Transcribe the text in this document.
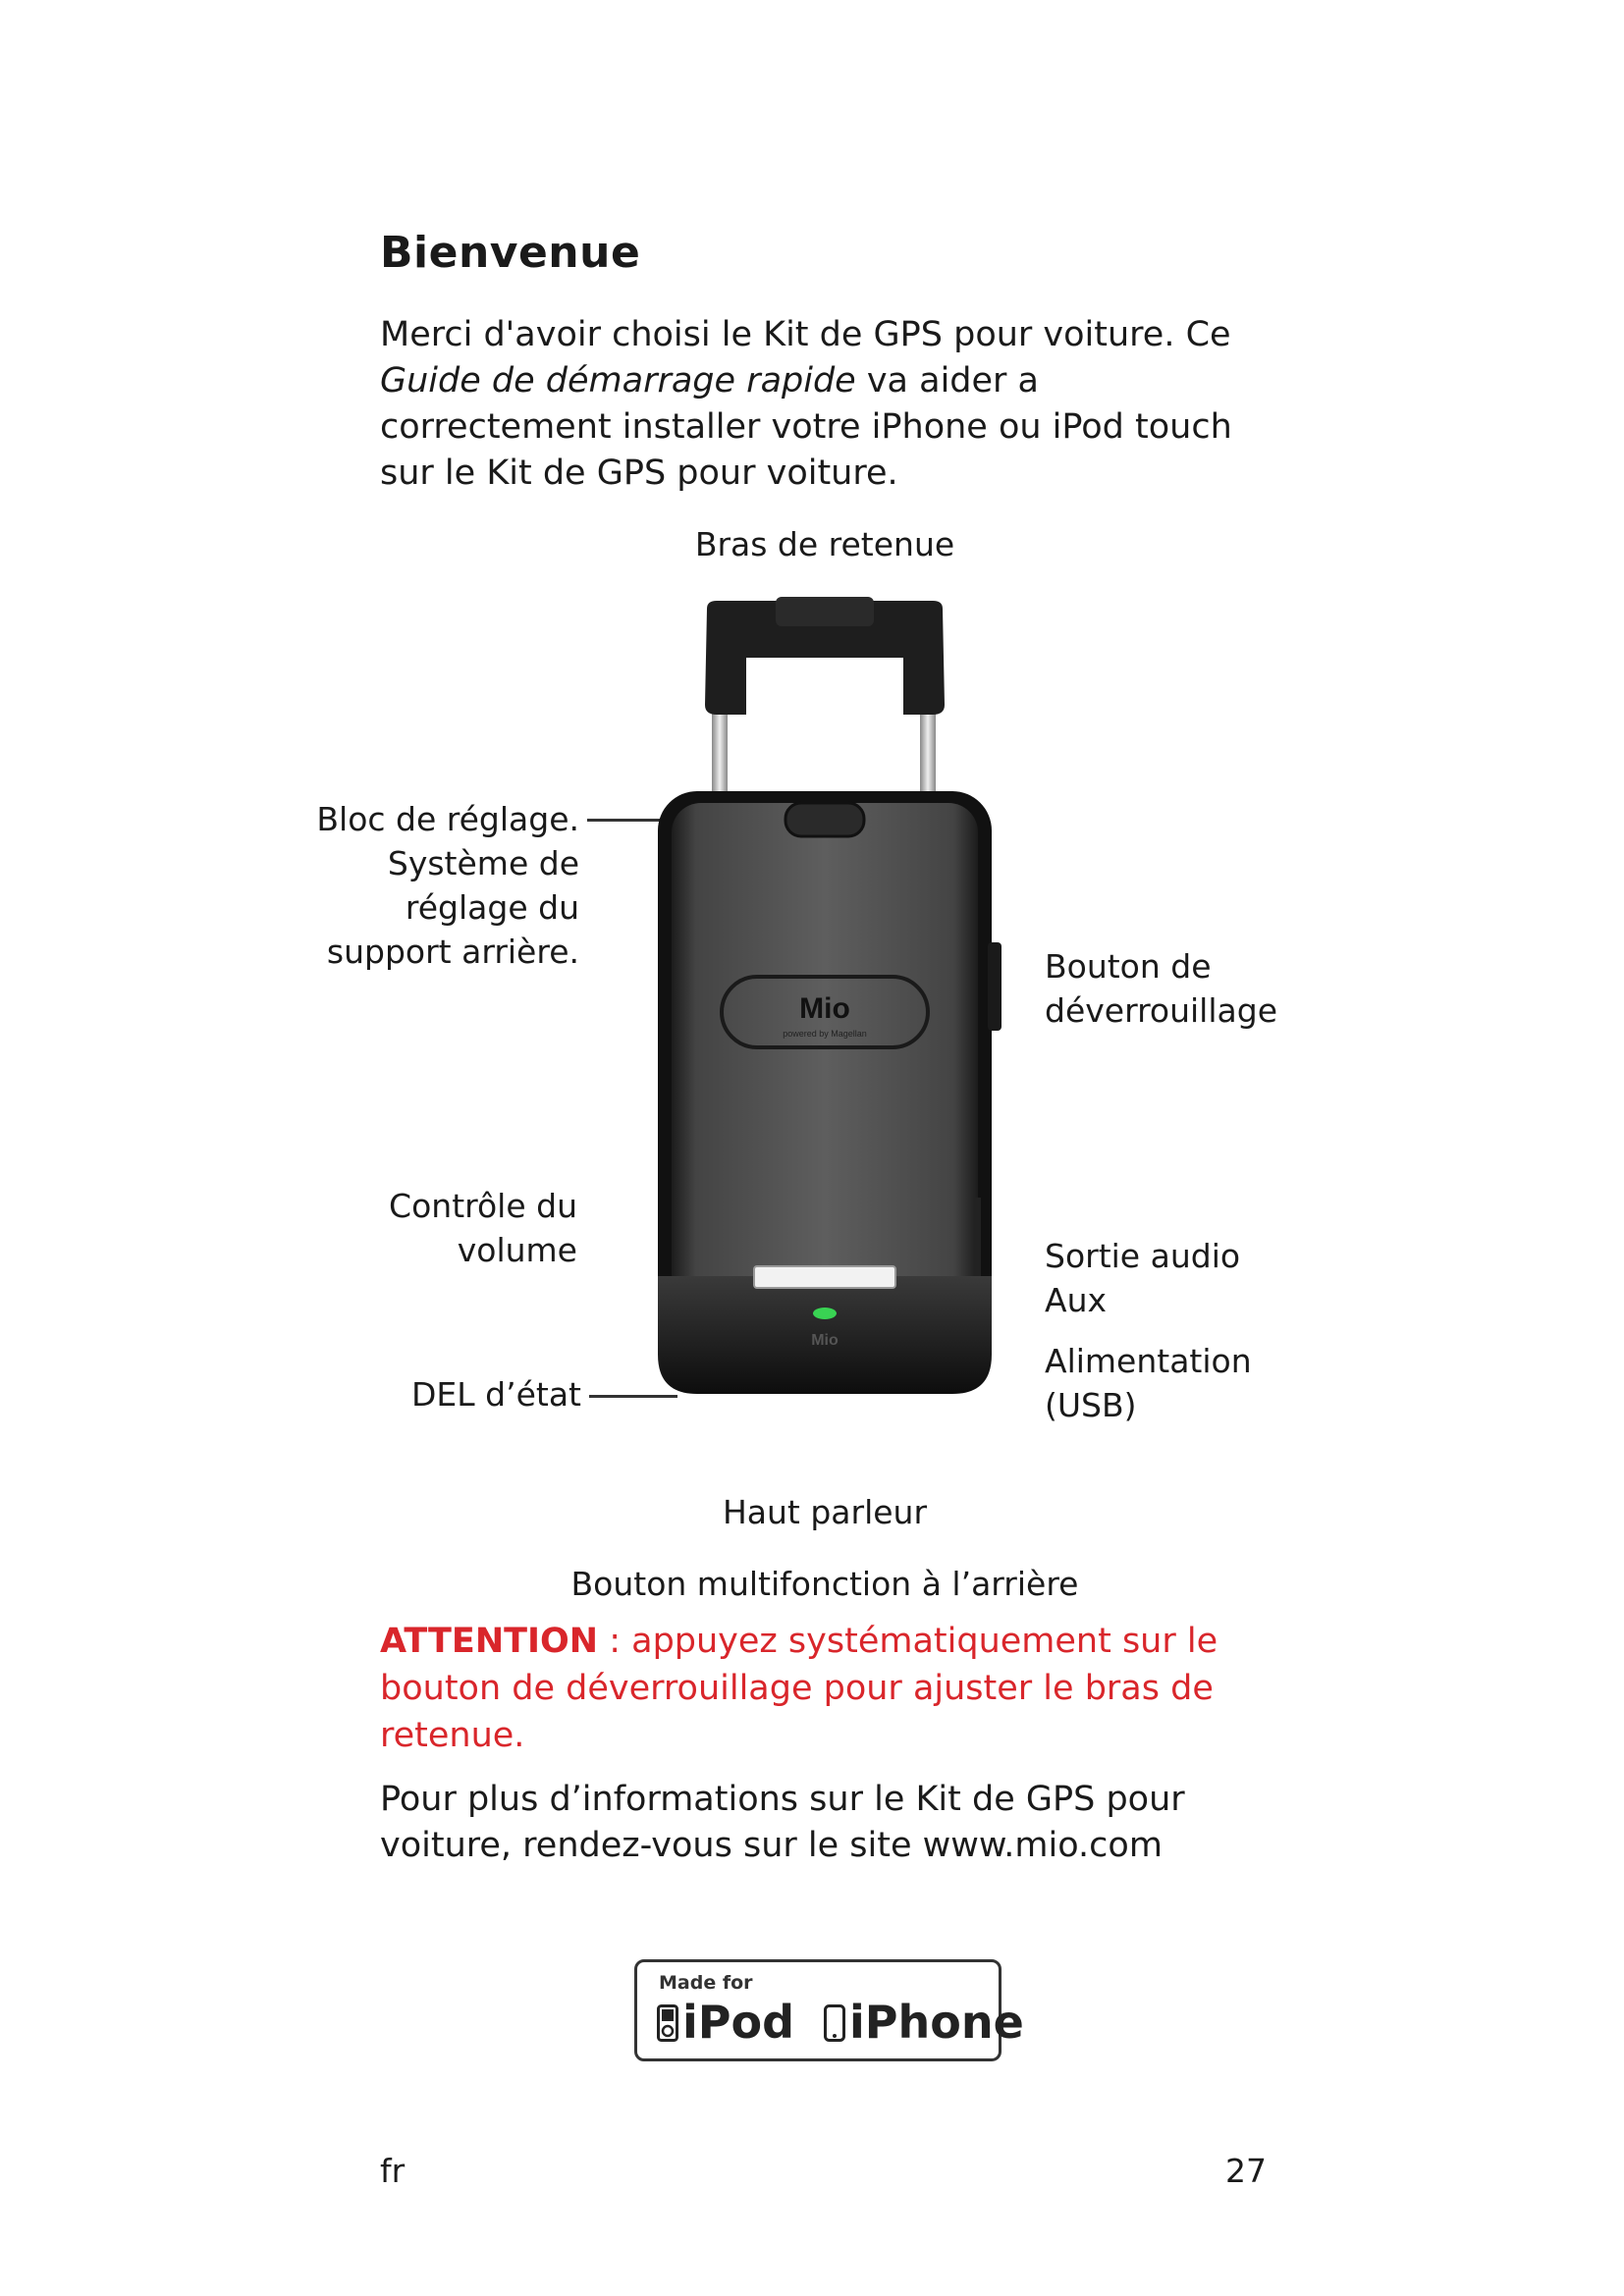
Bienvenue
Merci d'avoir choisi le Kit de GPS pour voiture. Ce Guide de démarrage rapide va aider a correctement installer votre iPhone ou iPod touch sur le Kit de GPS pour voiture.
Bras de retenue
Bloc de réglage.
Système de
réglage du
support arrière.	Bouton de
déverrouillage
Contrôle du
volume	Sortie audio
Aux
Alimentation
(USB)
DEL d’état
Haut parleur
Bouton multifonction à l’arrière
Mio
powered by Magellan
Mio
ATTENTION : appuyez systématiquement sur le bouton de déverrouillage pour ajuster le bras de retenue.
Pour plus d’informations sur le Kit de GPS pour voiture, rendez-vous sur le site www.mio.com
Made for
iPod iPhone
fr	27
